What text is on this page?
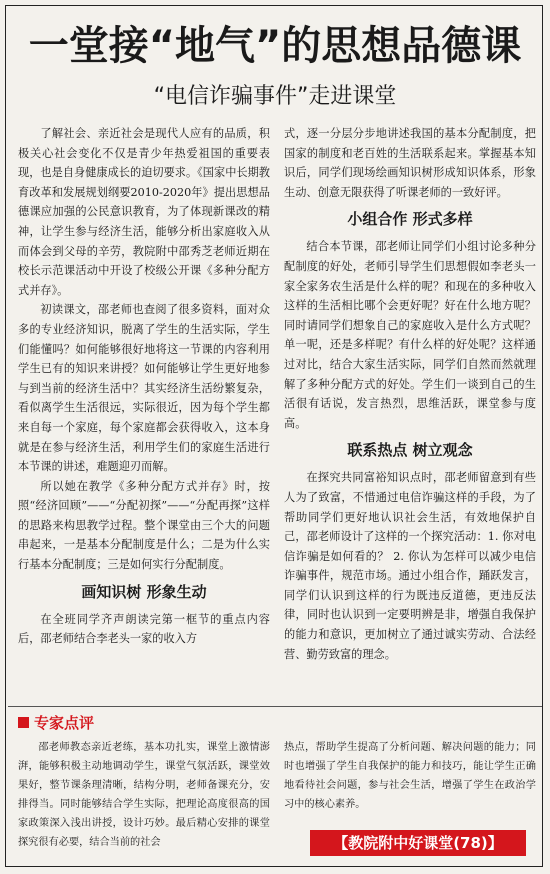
一堂接“地气”的思想品德课
“电信诈骗事件”走进课堂

了解社会、亲近社会是现代人应有的品质，积极关心社会变化不仅是青少年热爱祖国的重要表现，也是自身健康成长的迫切要求。《国家中长期教育改革和发展规划纲要2010-2020年》提出思想品德课应加强的公民意识教育，为了体现新课改的精神，让学生参与经济生活，能够分析出家庭收入从而体会到父母的辛劳，教院附中邵秀芝老师近期在校长示范课活动中开设了校级公开课《多种分配方式并存》。

初读课文，邵老师也查阅了很多资料，面对众多的专业经济知识，脱离了学生的生活实际，学生们能懂吗？如何能够很好地将这一节课的内容利用学生已有的知识来讲授？如何能够让学生更好地参与到当前的经济生活中？其实经济生活纷繁复杂，看似离学生生活很远，实际很近，因为每个学生都来自每一个家庭，每个家庭都会获得收入，这本身就是在参与经济生活，利用学生们的家庭生活进行本节课的讲述，难题迎刃而解。

所以她在教学《多种分配方式并存》时，按照“经济回顾”——“分配初探”——“分配再探”这样的思路来构思教学过程。整个课堂由三个大的问题串起来，一是基本分配制度是什么；二是为什么实行基本分配制度；三是如何实行分配制度。

画知识树 形象生动

在全班同学齐声朗读完第一框节的重点内容后，邵老师结合李老头一家的收入方

式，逐一分层分步地讲述我国的基本分配制度，把国家的制度和老百姓的生活联系起来。掌握基本知识后，同学们现场绘画知识树形成知识体系，形象生动、创意无限获得了听课老师的一致好评。

小组合作 形式多样

结合本节课，邵老师让同学们小组讨论多种分配制度的好处，老师引导学生们思想假如李老头一家全家务农生活是什么样的呢？和现在的多种收入这样的生活相比哪个会更好呢？好在什么地方呢？同时请同学们想象自己的家庭收入是什么方式呢？单一呢，还是多样呢？有什么样的好处呢？这样通过对比，结合大家生活实际，同学们自然而然就理解了多种分配方式的好处。学生们一谈到自己的生活很有话说，发言热烈，思维活跃，课堂参与度高。

联系热点 树立观念

在探究共同富裕知识点时，邵老师留意到有些人为了致富，不惜通过电信诈骗这样的手段，为了帮助同学们更好地认识社会生活，有效地保护自己，邵老师设计了这样的一个探究活动：1. 你对电信诈骗是如何看的？ 2. 你认为怎样可以减少电信诈骗事件，规范市场。通过小组合作，踊跃发言，同学们认识到这样的行为既违反道德，更违反法律，同时也认识到一定要明辨是非，增强自我保护的能力和意识，更加树立了通过诚实劳动、合法经营、勤劳致富的理念。

专家点评

邵老师教态亲近老练，基本功扎实，课堂上激情澎湃，能够积极主动地调动学生，课堂气氛活跃，课堂效果好，整节课条理清晰，结构分明，老师备课充分，安排得当。同时能够结合学生实际，把理论高度很高的国家政策深入浅出讲授，设计巧妙。最后精心安排的课堂探究很有必要，结合当前的社会

热点，帮助学生提高了分析问题、解决问题的能力；同时也增强了学生自我保护的能力和技巧，能让学生正确地看待社会问题，参与社会生活，增强了学生在政治学习中的核心素养。

【教院附中好课堂(78)】
